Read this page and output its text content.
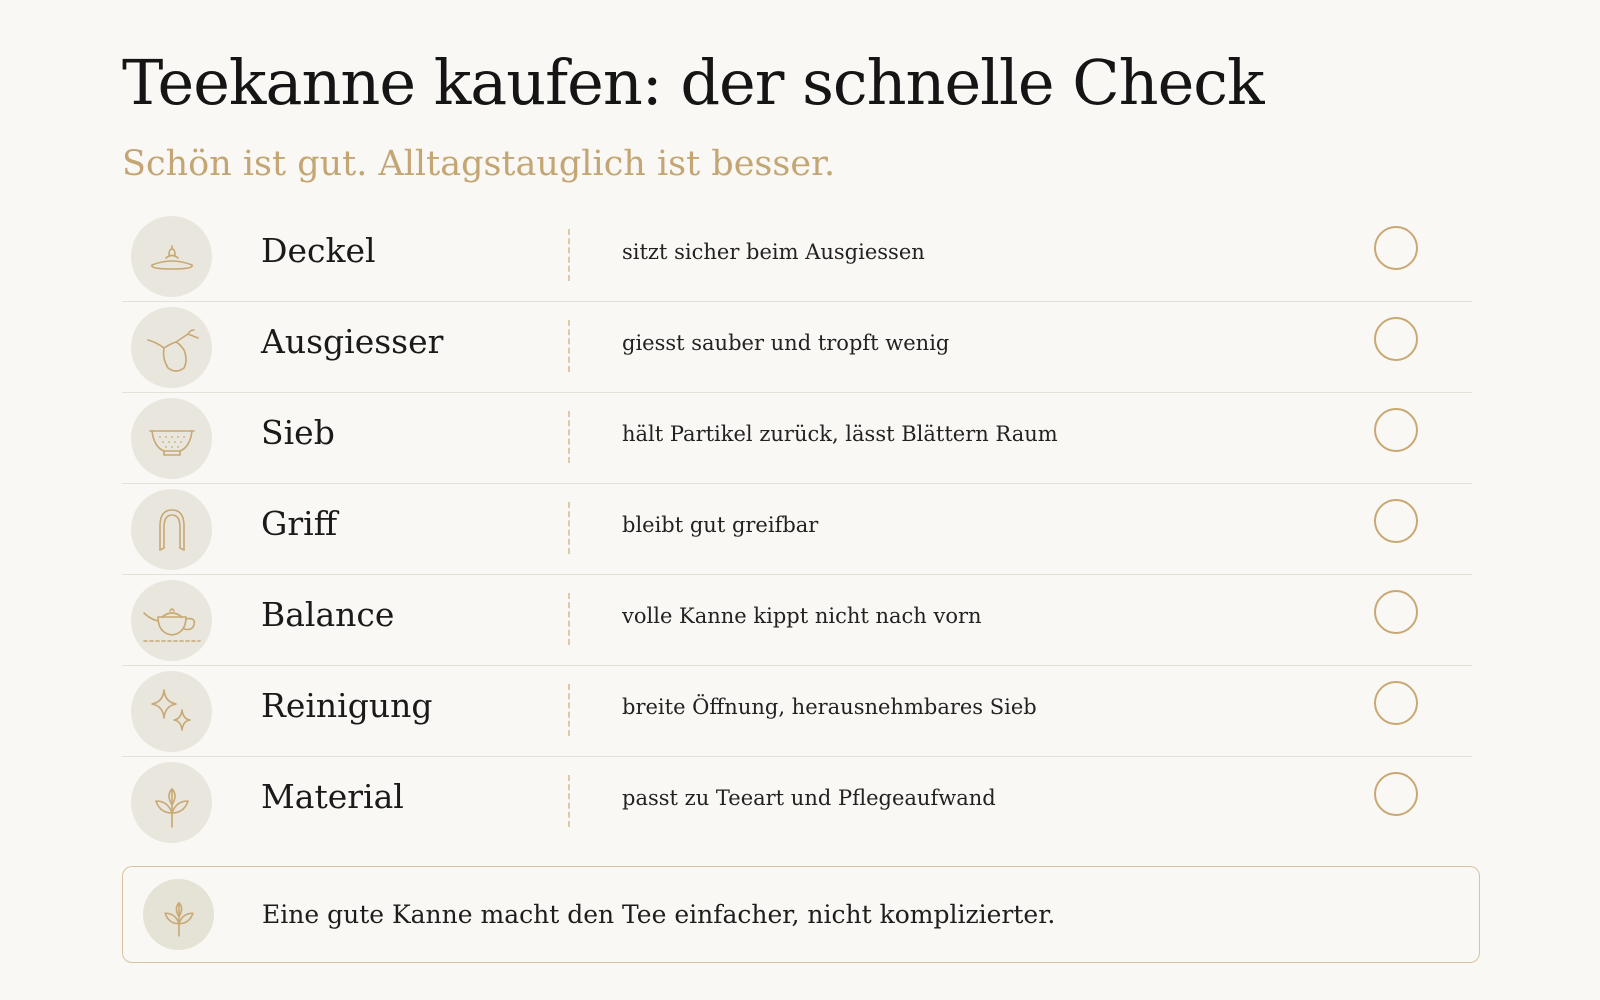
Teekanne kaufen: der schnelle Check

Schön ist gut. Alltagstauglich ist besser.

Deckel	sitzt sicher beim Ausgiessen
Ausgiesser	giesst sauber und tropft wenig
Sieb	hält Partikel zurück, lässt Blättern Raum
Griff	bleibt gut greifbar
Balance	volle Kanne kippt nicht nach vorn
Reinigung	breite Öffnung, herausnehmbares Sieb
Material	passt zu Teeart und Pflegeaufwand
Eine gute Kanne macht den Tee einfacher, nicht komplizierter.
